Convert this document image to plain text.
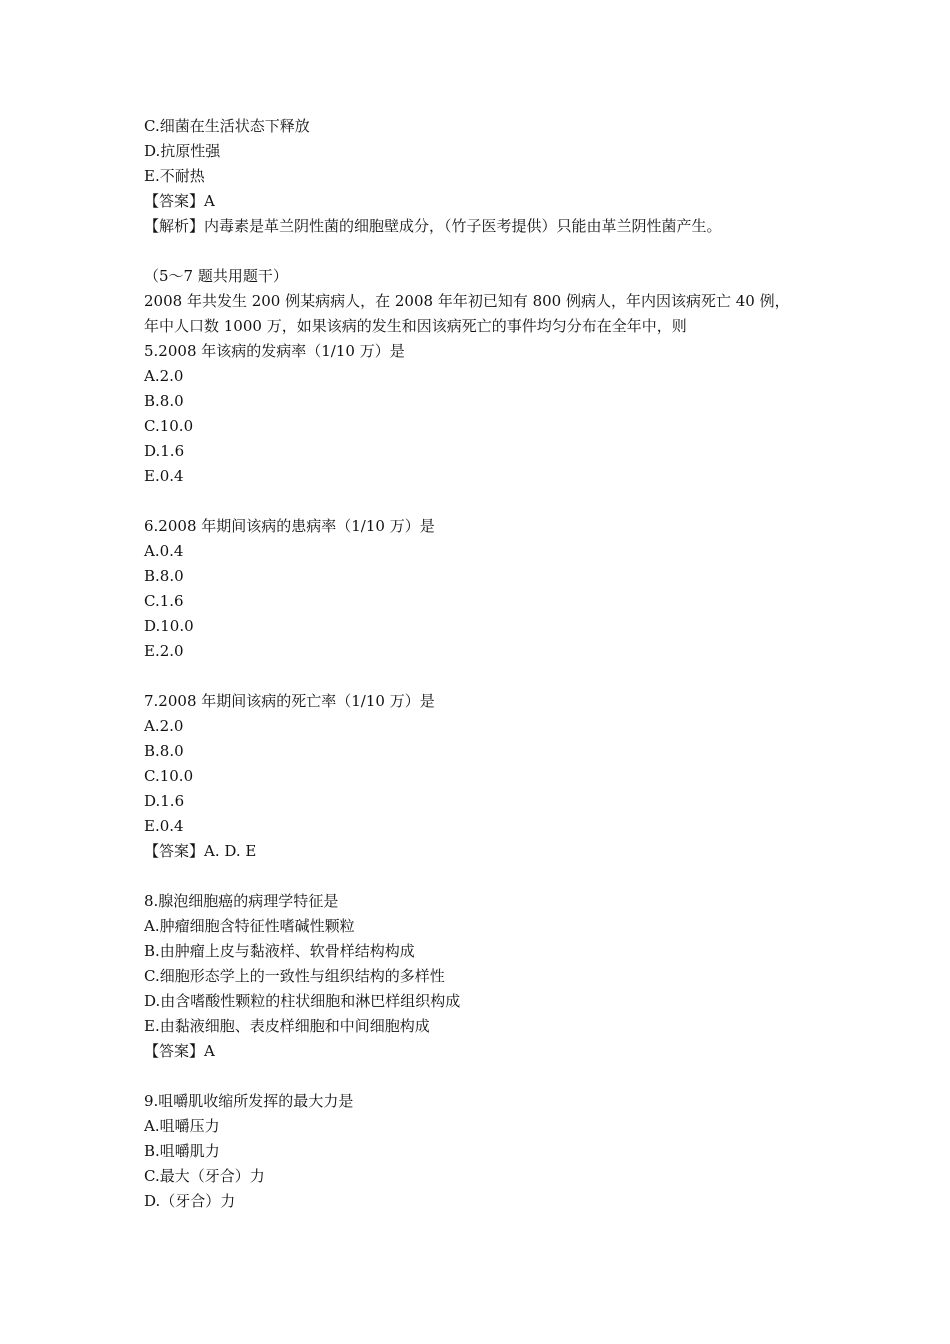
C.细菌在生活状态下释放
D.抗原性强
E.不耐热
【答案】A
【解析】内毒素是革兰阴性菌的细胞壁成分，（竹子医考提供）只能由革兰阴性菌产生。
（5～7 题共用题干）
2008 年共发生 200 例某病病人，在 2008 年年初已知有 800 例病人，年内因该病死亡 40 例，
年中人口数 1000 万，如果该病的发生和因该病死亡的事件均匀分布在全年中，则
5.2008 年该病的发病率（1/10 万）是
A.2.0
B.8.0
C.10.0
D.1.6
E.0.4
6.2008 年期间该病的患病率（1/10 万）是
A.0.4
B.8.0
C.1.6
D.10.0
E.2.0
7.2008 年期间该病的死亡率（1/10 万）是
A.2.0
B.8.0
C.10.0
D.1.6
E.0.4
【答案】A. D. E
8.腺泡细胞癌的病理学特征是
A.肿瘤细胞含特征性嗜碱性颗粒
B.由肿瘤上皮与黏液样、软骨样结构构成
C.细胞形态学上的一致性与组织结构的多样性
D.由含嗜酸性颗粒的柱状细胞和淋巴样组织构成
E.由黏液细胞、表皮样细胞和中间细胞构成
【答案】A
9.咀嚼肌收缩所发挥的最大力是
A.咀嚼压力
B.咀嚼肌力
C.最大（牙合）力
D.（牙合）力
